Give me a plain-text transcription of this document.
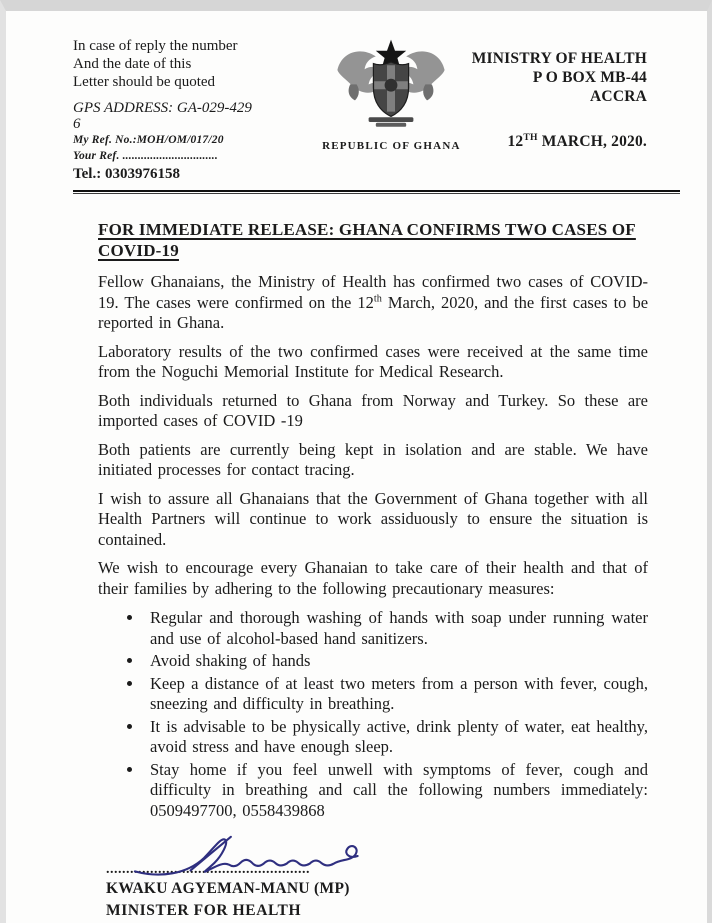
In case of reply the number
And the date of this
Letter should be quoted
GPS ADDRESS: GA-029-429
6
My Ref. No.:MOH/OM/017/20
Your Ref. ...............................
Tel.: 0303976158
REPUBLIC OF GHANA
MINISTRY OF HEALTH
P O BOX MB-44
ACCRA
12TH MARCH, 2020.
FOR IMMEDIATE RELEASE: GHANA CONFIRMS TWO CASES OF
COVID-19

Fellow Ghanaians, the Ministry of Health has confirmed two cases of COVID-19. The cases were confirmed on the 12th March, 2020, and the first cases to be reported in Ghana.

Laboratory results of the two confirmed cases were received at the same time from the Noguchi Memorial Institute for Medical Research.

Both individuals returned to Ghana from Norway and Turkey. So these are imported cases of COVID -19

Both patients are currently being kept in isolation and are stable. We have initiated processes for contact tracing.

I wish to assure all Ghanaians that the Government of Ghana together with all Health Partners will continue to work assiduously to ensure the situation is contained.

We wish to encourage every Ghanaian to take care of their health and that of their families by adhering to the following precautionary measures:

• Regular and thorough washing of hands with soap under running water and use of alcohol-based hand sanitizers.
• Avoid shaking of hands
• Keep a distance of at least two meters from a person with fever, cough, sneezing and difficulty in breathing.
• It is advisable to be physically active, drink plenty of water, eat healthy, avoid stress and have enough sleep.
• Stay home if you feel unwell with symptoms of fever, cough and difficulty in breathing and call the following numbers immediately: 0509497700, 0558439868
...................................................
KWAKU AGYEMAN-MANU (MP)
MINISTER FOR HEALTH
